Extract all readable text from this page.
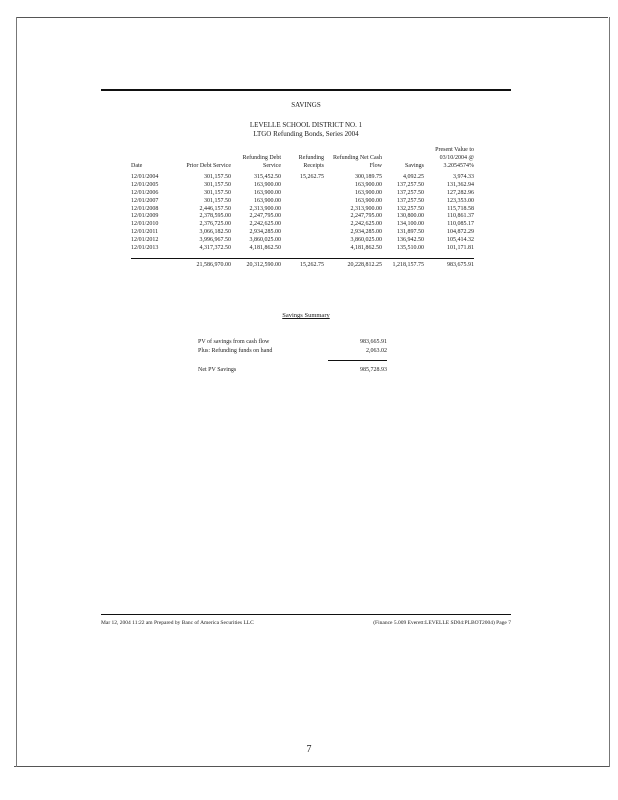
SAVINGS
LEVELLE SCHOOL DISTRICT NO. 1
LTGO Refunding Bonds, Series 2004
Date	Prior Debt Service	Refunding Debt Service	Refunding Receipts	Refunding Net Cash Flow	Savings	Present Value to 03/10/2004 @ 3.2054574%
12/01/2004	301,157.50	315,452.50	15,262.75	300,189.75	4,092.25	3,974.33
12/01/2005	301,157.50	163,900.00		163,900.00	137,257.50	131,362.94
12/01/2006	301,157.50	163,900.00		163,900.00	137,257.50	127,282.96
12/01/2007	301,157.50	163,900.00		163,900.00	137,257.50	123,353.00
12/01/2008	2,446,157.50	2,313,900.00		2,313,900.00	132,257.50	115,718.58
12/01/2009	2,378,595.00	2,247,795.00		2,247,795.00	130,800.00	110,861.37
12/01/2010	2,376,725.00	2,242,625.00		2,242,625.00	134,100.00	110,085.17
12/01/2011	3,066,182.50	2,934,285.00		2,934,285.00	131,897.50	104,872.29
12/01/2012	3,996,967.50	3,860,025.00		3,860,025.00	136,942.50	105,414.32
12/01/2013	4,317,372.50	4,181,862.50		4,181,862.50	135,510.00	101,171.81

	21,586,970.00	20,312,590.00	15,262.75	20,228,812.25	1,218,157.75	983,675.91
Savings Summary
PV of savings from cash flow	983,665.91
Plus: Refunding funds on hand	2,063.02
Net PV Savings	985,728.93
Mar 12, 2004 11:22 am Prepared by Banc of America Securities LLC	(Finance 5.009 Everett:LEVELLE SD04:PLBOT2004) Page 7
7
